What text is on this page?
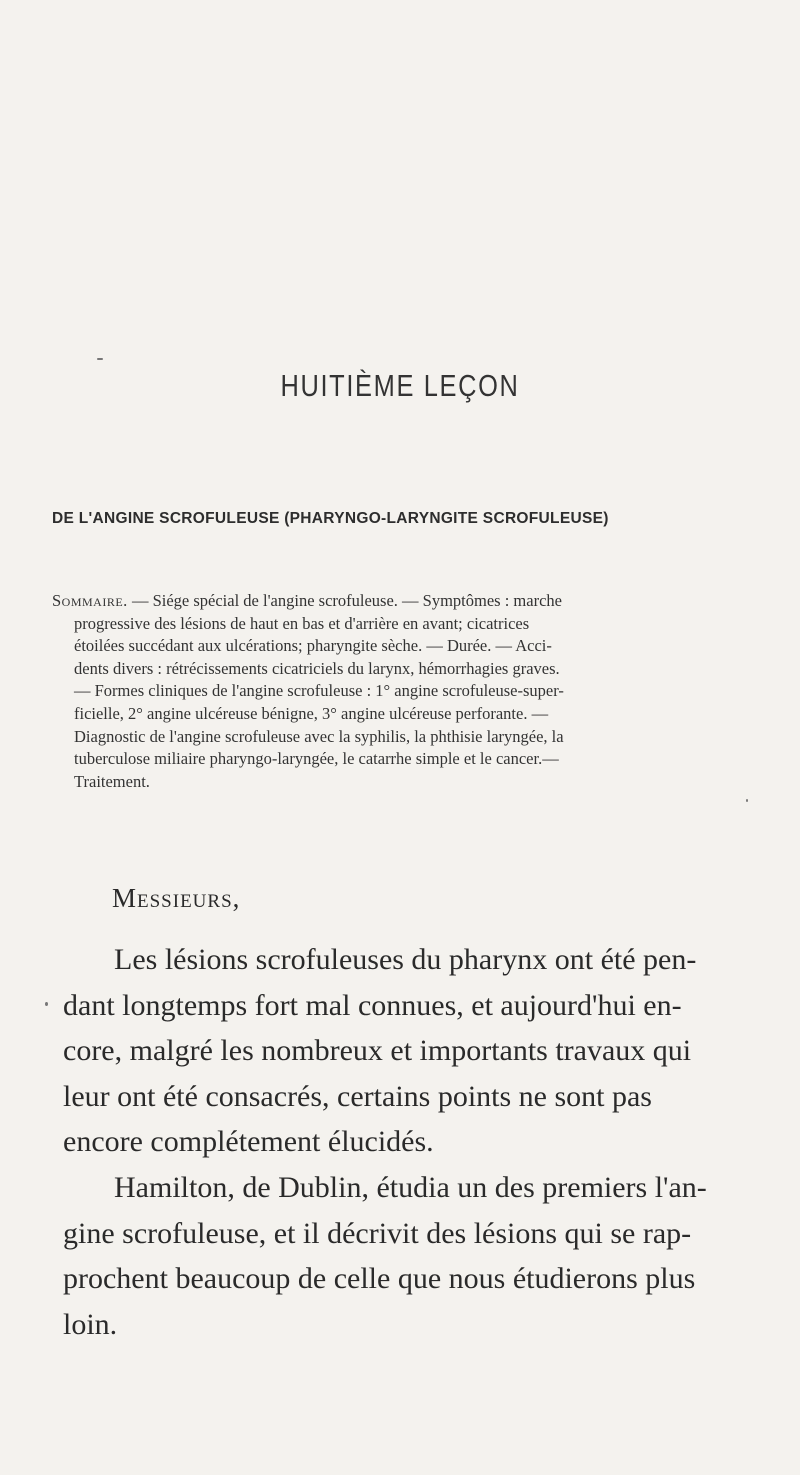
HUITIÈME LEÇON
DE L'ANGINE SCROFULEUSE (PHARYNGO-LARYNGITE SCROFULEUSE)
Sommaire. — Siége spécial de l'angine scrofuleuse. — Symptômes : marche
progressive des lésions de haut en bas et d'arrière en avant; cicatrices
étoilées succédant aux ulcérations; pharyngite sèche. — Durée. — Acci-
dents divers : rétrécissements cicatriciels du larynx, hémorrhagies graves.
— Formes cliniques de l'angine scrofuleuse : 1° angine scrofuleuse-super-
ficielle, 2° angine ulcéreuse bénigne, 3° angine ulcéreuse perforante. —
Diagnostic de l'angine scrofuleuse avec la syphilis, la phthisie laryngée, la
tuberculose miliaire pharyngo-laryngée, le catarrhe simple et le cancer.—
Traitement.
Messieurs,
Les lésions scrofuleuses du pharynx ont été pen-
dant longtemps fort mal connues, et aujourd'hui en-
core, malgré les nombreux et importants travaux qui
leur ont été consacrés, certains points ne sont pas
encore complétement élucidés.
Hamilton, de Dublin, étudia un des premiers l'an-
gine scrofuleuse, et il décrivit des lésions qui se rap-
prochent beaucoup de celle que nous étudierons plus
loin.
